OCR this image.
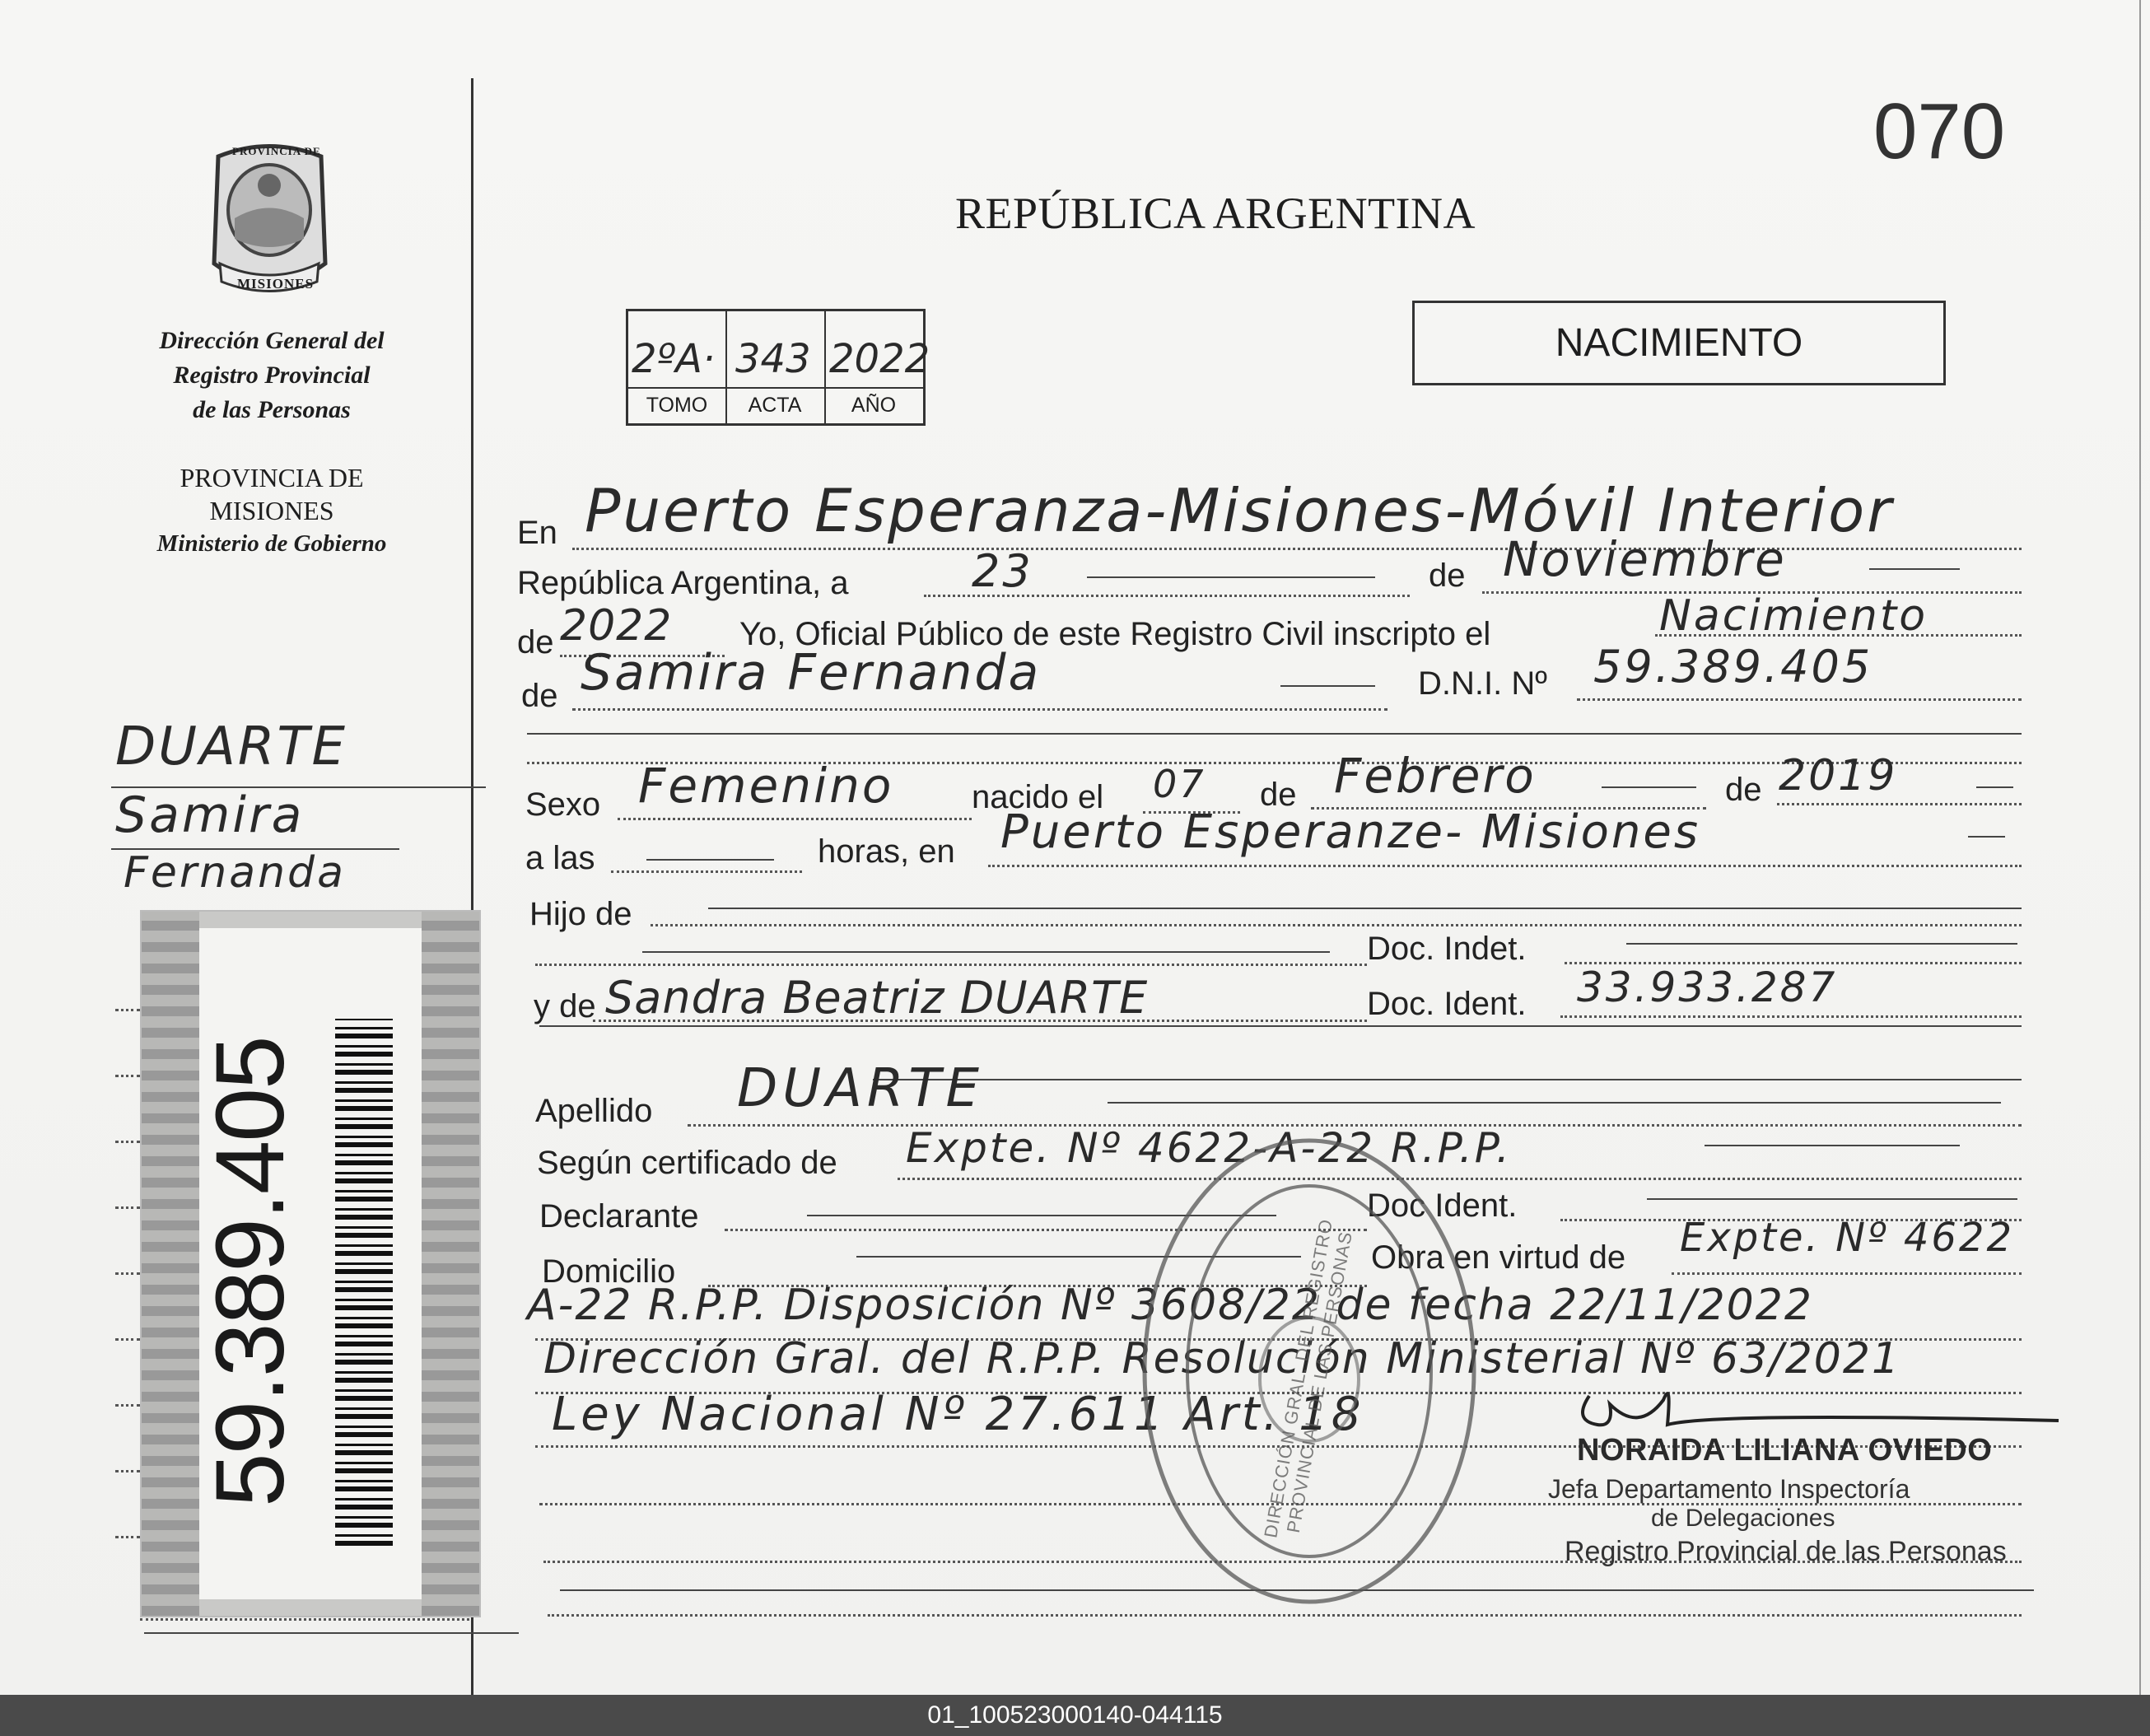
070
PROVINCIA DE
MISIONES
Dirección General del
Registro Provincial
de las Personas
PROVINCIA DE
MISIONES
Ministerio de Gobierno
DUARTE
Samira
Fernanda
59.389.405
REPÚBLICA ARGENTINA
NACIMIENTO
2ºA· 343 2022
TOMO	ACTA	AÑO
En Puerto Esperanza-Misiones-Móvil Interior
República Argentina, a	23	de Noviembre
de 2022 Yo, Oficial Público de este Registro Civil inscripto el	Nacimiento
de Samira Fernanda	D.N.I. Nº 59.389.405
Sexo Femenino nacido el 07 de Febrero	de 2019
a las	horas, en Puerto Esperanze- Misiones
Hijo de
Doc. Indet.
y de Sandra Beatriz DUARTE	Doc. Ident. 33.933.287
Apellido DUARTE
Según certificado de Expte. Nº 4622-A-22 R.P.P.
Declarante	Doc Ident.
Domicilio	Obra en virtud de Expte. Nº 4622
A-22 R.P.P. Disposición Nº 3608/22 de fecha 22/11/2022
Dirección Gral. del R.P.P. Resolución Ministerial Nº 63/2021
Ley Nacional Nº 27.611 Art. 18
DIRECCIÓN GRAL. DEL REGISTRO PROVINCIAL DE LAS PERSONAS	NORAIDA LILIANA OVIEDO
Jefa Departamento Inspectoría
de Delegaciones
Registro Provincial de las Personas
01_100523000140-044115
